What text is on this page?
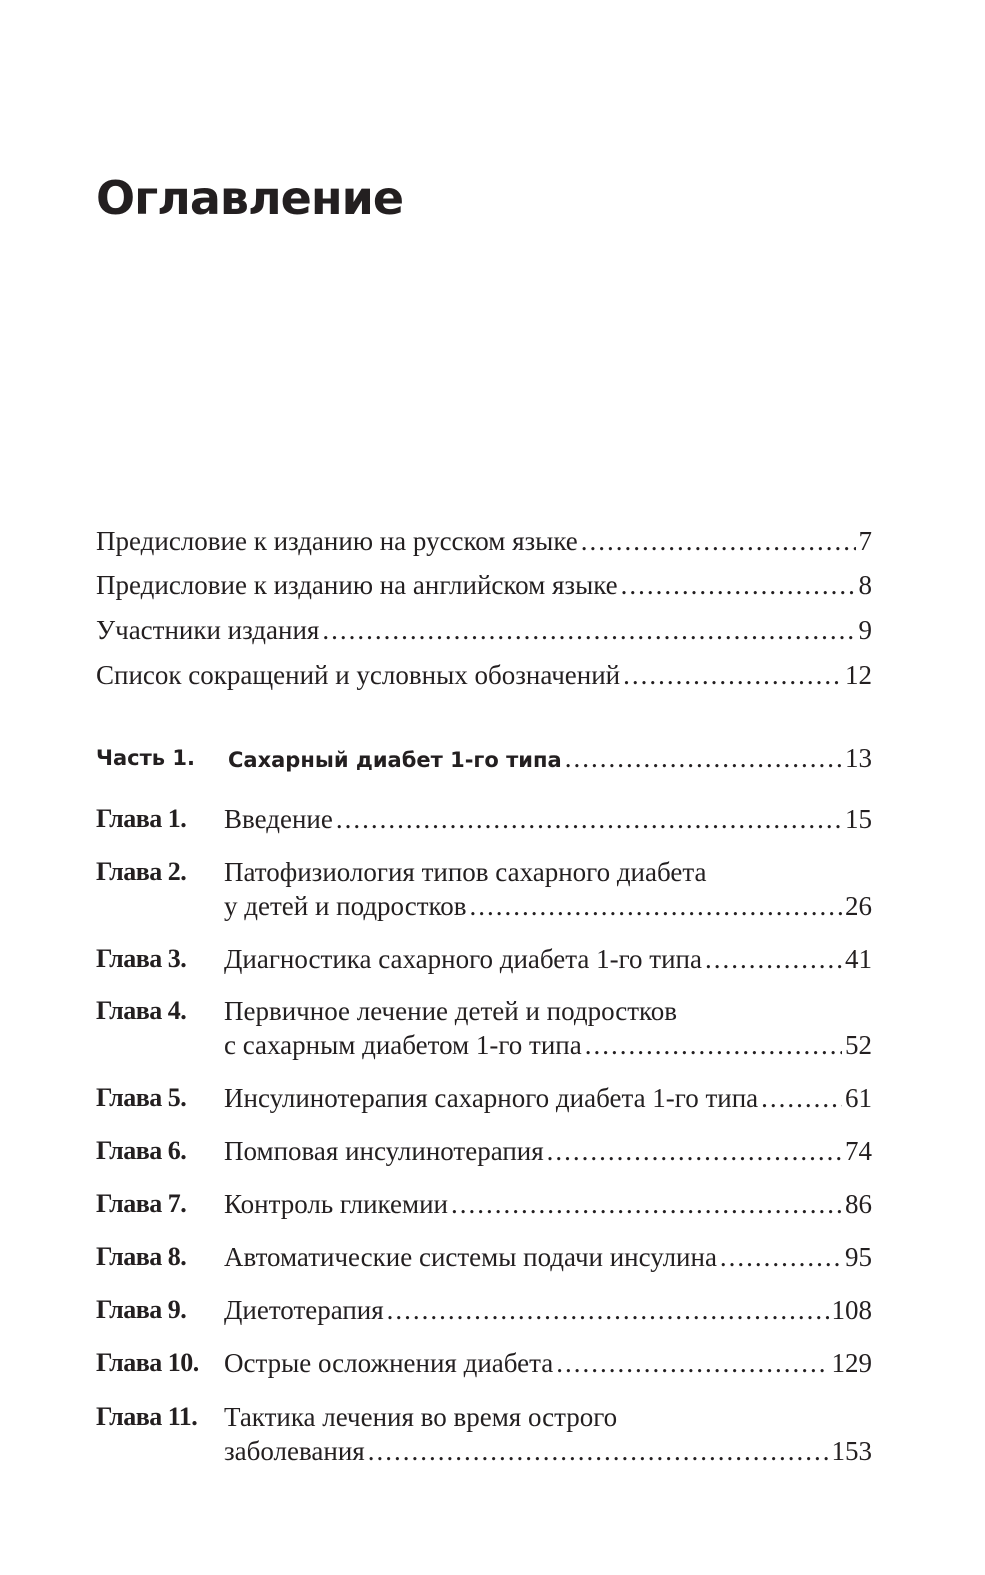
Оглавление
Предисловие к изданию на русском языке .....	7
Предисловие к изданию на английском языке .....	8
Участники издания .....	9
Список сокращений и условных обозначений .....	12
Часть 1. Сахарный диабет 1-го типа .....	13
Глава 1. Введение .....	15
Глава 2. Патофизиология типов сахарного диабета
у детей и подростков .....	26
Глава 3. Диагностика сахарного диабета 1-го типа .....	41
Глава 4. Первичное лечение детей и подростков
с сахарным диабетом 1-го типа .....	52
Глава 5. Инсулинотерапия сахарного диабета 1-го типа .....	61
Глава 6. Помповая инсулинотерапия .....	74
Глава 7. Контроль гликемии .....	86
Глава 8. Автоматические системы подачи инсулина .....	95
Глава 9. Диетотерапия .....	108
Глава 10. Острые осложнения диабета .....	129
Глава 11. Тактика лечения во время острого
заболевания .....	153
